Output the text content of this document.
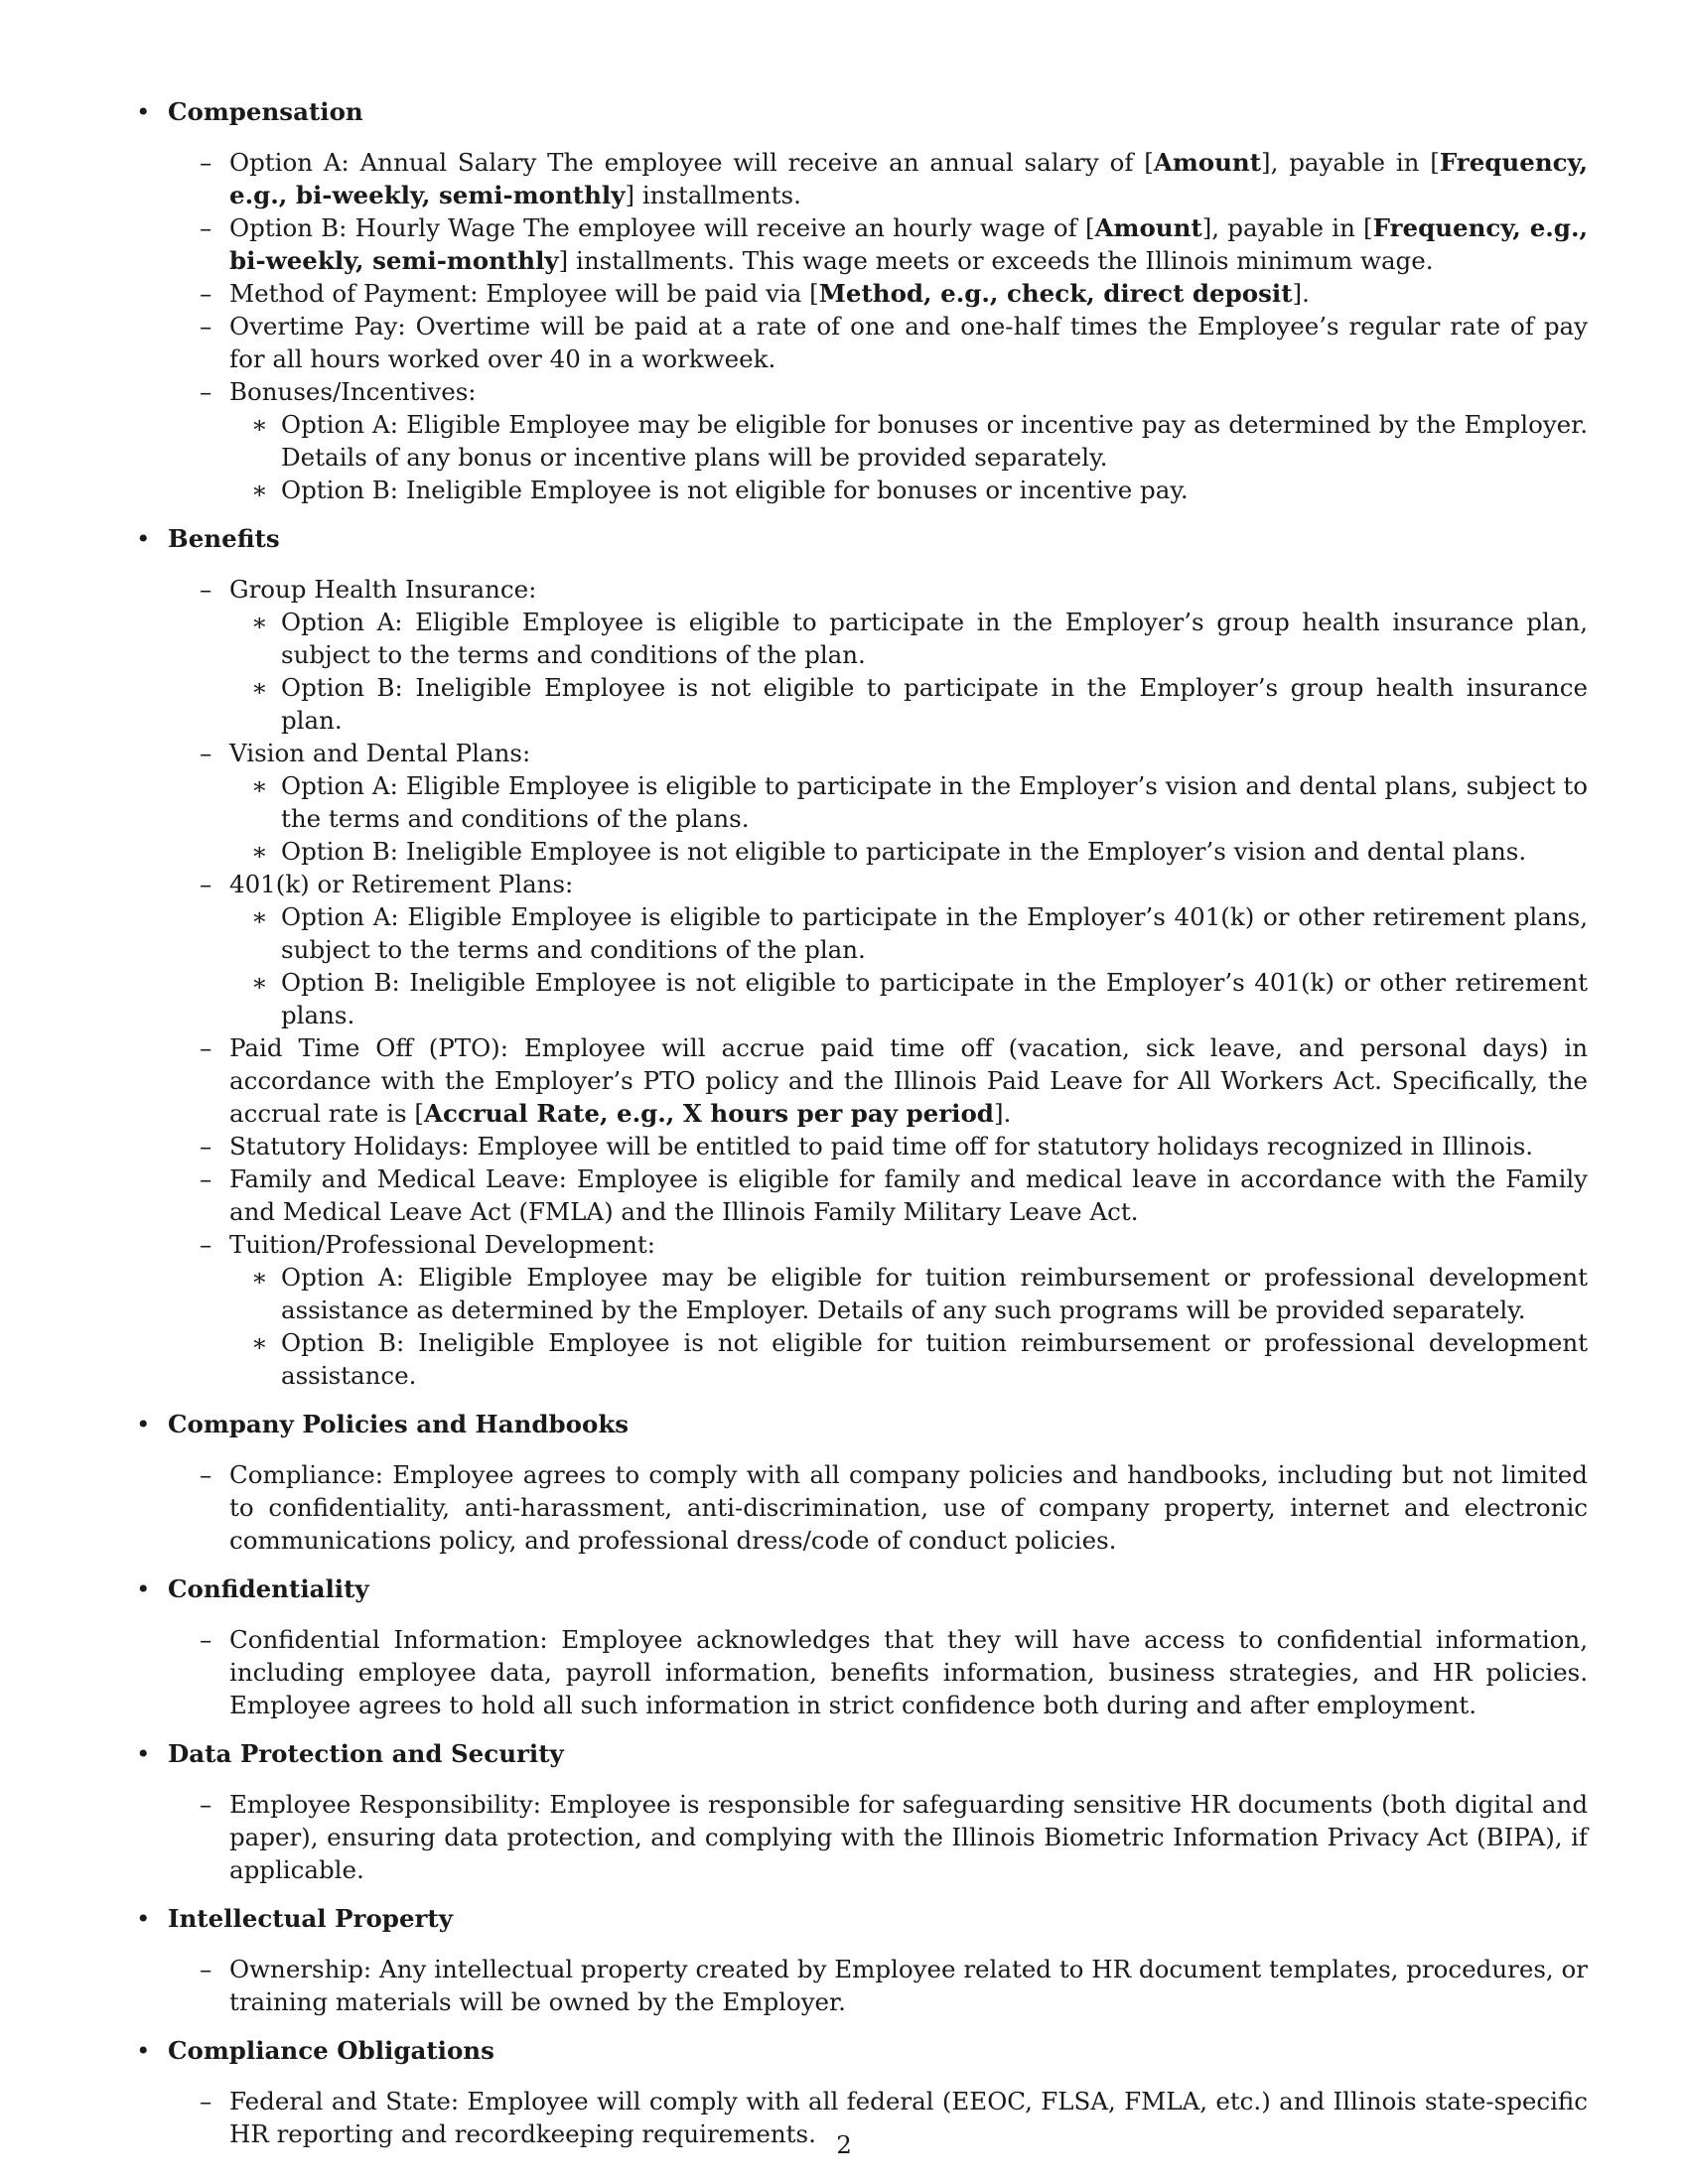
• Compensation
– Option A: Annual Salary The employee will receive an annual salary of [Amount], payable in [Frequency, e.g., bi-weekly, semi-monthly] installments.
– Option B: Hourly Wage The employee will receive an hourly wage of [Amount], payable in [Frequency, e.g., bi-weekly, semi-monthly] installments. This wage meets or exceeds the Illinois minimum wage.
– Method of Payment: Employee will be paid via [Method, e.g., check, direct deposit].
– Overtime Pay: Overtime will be paid at a rate of one and one-half times the Employee’s regular rate of pay for all hours worked over 40 in a workweek.
– Bonuses/Incentives:
∗ Option A: Eligible Employee may be eligible for bonuses or incentive pay as determined by the Employer. Details of any bonus or incentive plans will be provided separately.
∗ Option B: Ineligible Employee is not eligible for bonuses or incentive pay.
• Benefits
– Group Health Insurance:
∗ Option A: Eligible Employee is eligible to participate in the Employer’s group health insurance plan, subject to the terms and conditions of the plan.
∗ Option B: Ineligible Employee is not eligible to participate in the Employer’s group health insurance plan.
– Vision and Dental Plans:
∗ Option A: Eligible Employee is eligible to participate in the Employer’s vision and dental plans, subject to the terms and conditions of the plans.
∗ Option B: Ineligible Employee is not eligible to participate in the Employer’s vision and dental plans.
– 401(k) or Retirement Plans:
∗ Option A: Eligible Employee is eligible to participate in the Employer’s 401(k) or other retirement plans, subject to the terms and conditions of the plan.
∗ Option B: Ineligible Employee is not eligible to participate in the Employer’s 401(k) or other retirement plans.
– Paid Time Off (PTO): Employee will accrue paid time off (vacation, sick leave, and personal days) in accordance with the Employer’s PTO policy and the Illinois Paid Leave for All Workers Act. Specifically, the accrual rate is [Accrual Rate, e.g., X hours per pay period].
– Statutory Holidays: Employee will be entitled to paid time off for statutory holidays recognized in Illinois.
– Family and Medical Leave: Employee is eligible for family and medical leave in accordance with the Family and Medical Leave Act (FMLA) and the Illinois Family Military Leave Act.
– Tuition/Professional Development:
∗ Option A: Eligible Employee may be eligible for tuition reimbursement or professional development assistance as determined by the Employer. Details of any such programs will be provided separately.
∗ Option B: Ineligible Employee is not eligible for tuition reimbursement or professional development assistance.
• Company Policies and Handbooks
– Compliance: Employee agrees to comply with all company policies and handbooks, including but not limited to confidentiality, anti-harassment, anti-discrimination, use of company property, internet and electronic communications policy, and professional dress/code of conduct policies.
• Confidentiality
– Confidential Information: Employee acknowledges that they will have access to confidential information, including employee data, payroll information, benefits information, business strategies, and HR policies. Employee agrees to hold all such information in strict confidence both during and after employment.
• Data Protection and Security
– Employee Responsibility: Employee is responsible for safeguarding sensitive HR documents (both digital and paper), ensuring data protection, and complying with the Illinois Biometric Information Privacy Act (BIPA), if applicable.
• Intellectual Property
– Ownership: Any intellectual property created by Employee related to HR document templates, procedures, or training materials will be owned by the Employer.
• Compliance Obligations
– Federal and State: Employee will comply with all federal (EEOC, FLSA, FMLA, etc.) and Illinois state-specific HR reporting and recordkeeping requirements. 2
